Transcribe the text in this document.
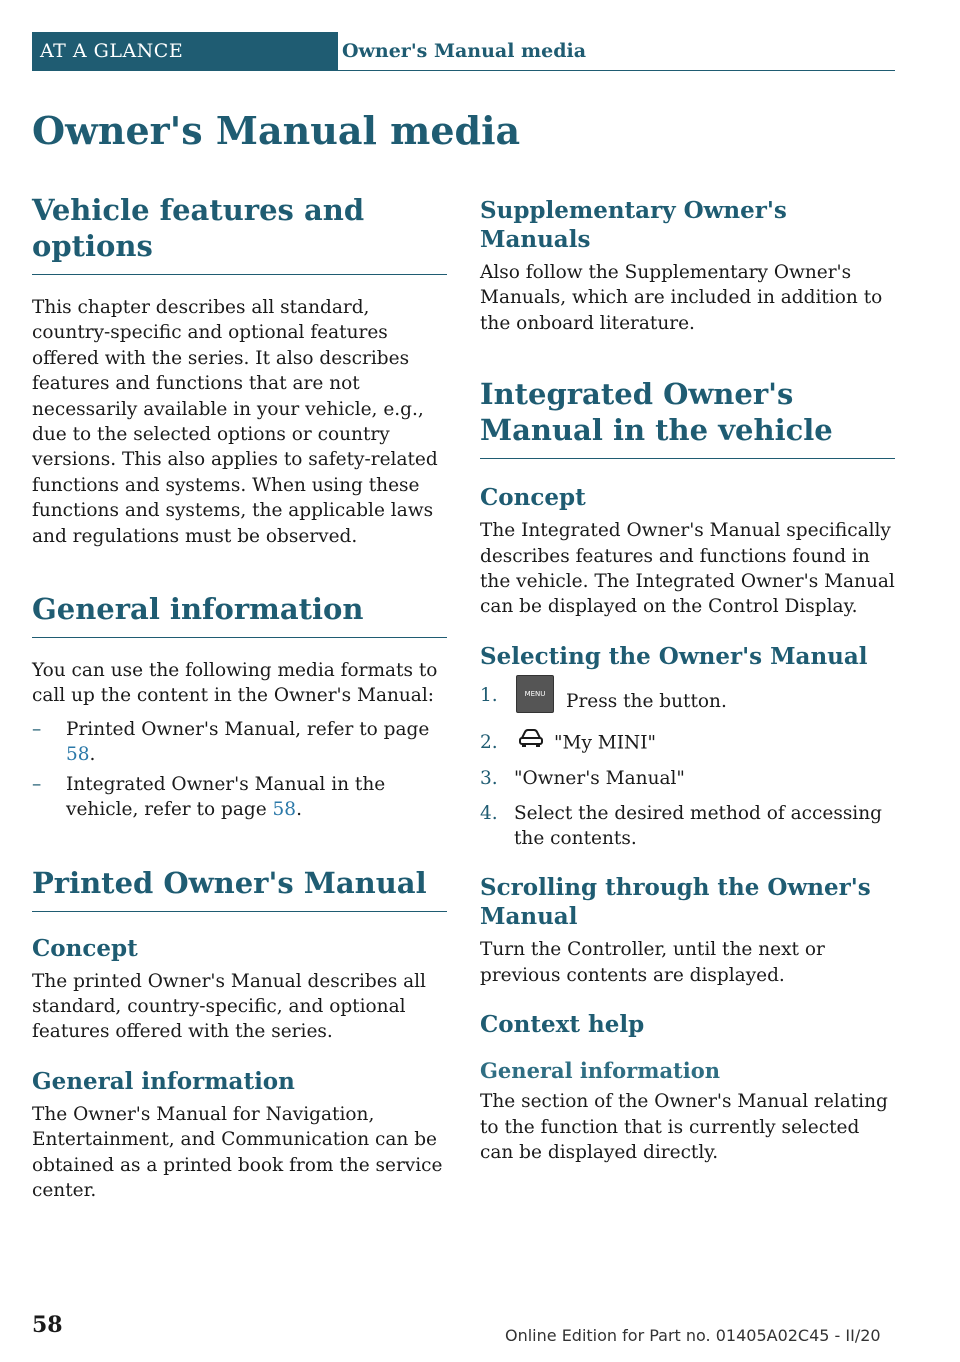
AT A GLANCE	Owner's Manual media
Owner's Manual media
Vehicle features and options

This chapter describes all standard, country-specific and optional features offered with the series. It also describes features and functions that are not necessarily available in your vehicle, e.g., due to the selected options or country versions. This also applies to safety-related functions and systems. When using these functions and systems, the applicable laws and regulations must be observed.

General information

You can use the following media formats to call up the content in the Owner's Manual:

– Printed Owner's Manual, refer to page 58.
– Integrated Owner's Manual in the vehicle, refer to page 58.
Printed Owner's Manual
Concept

The printed Owner's Manual describes all standard, country-specific, and optional features offered with the series.

General information

The Owner's Manual for Navigation, Entertainment, and Communication can be obtained as a printed book from the service center.

Supplementary Owner's Manuals

Also follow the Supplementary Owner's Manuals, which are included in addition to the onboard literature.

Integrated Owner's Manual in the vehicle
Concept

The Integrated Owner's Manual specifically describes features and functions found in the vehicle. The Integrated Owner's Manual can be displayed on the Control Display.

Selecting the Owner's Manual
1.	MENU Press the button.
2.	"My MINI"
3. "Owner's Manual"
4. Select the desired method of accessing the contents.
Scrolling through the Owner's Manual

Turn the Controller, until the next or previous contents are displayed.

Context help
General information

The section of the Owner's Manual relating to the function that is currently selected can be displayed directly.

58	Online Edition for Part no. 01405A02C45 - II/20
